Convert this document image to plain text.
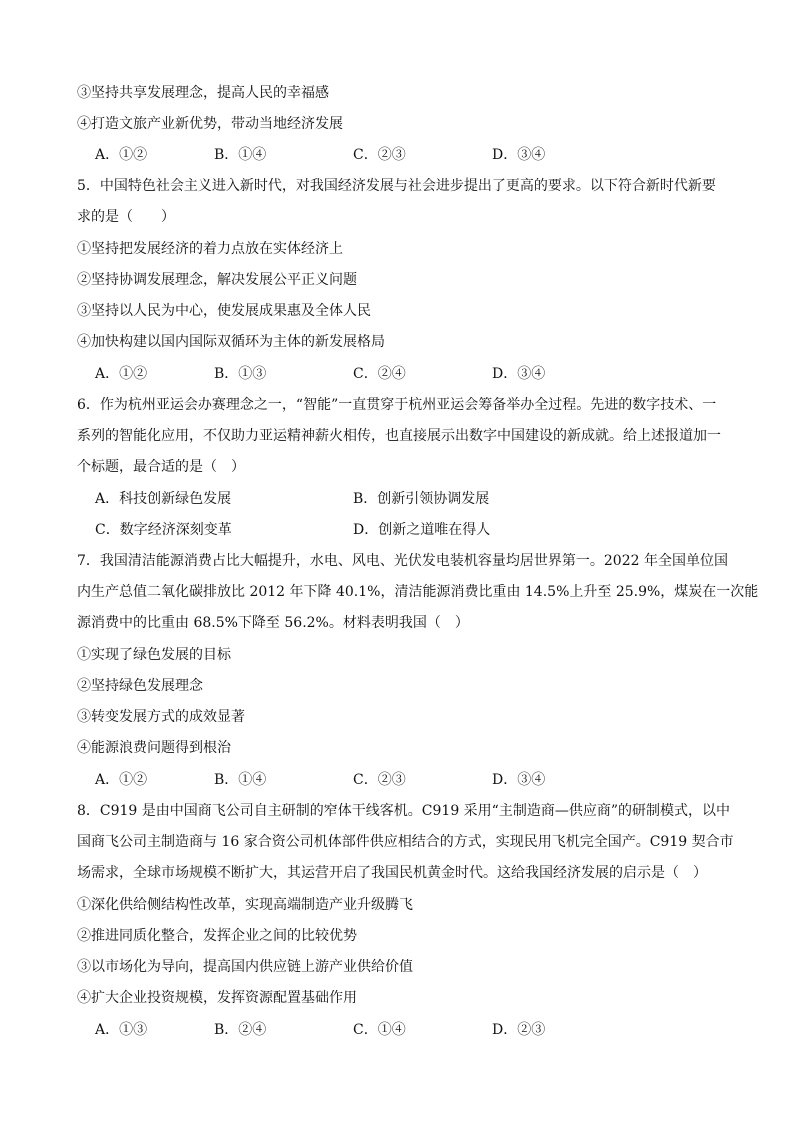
③坚持共享发展理念，提高人民的幸福感
④打造文旅产业新优势，带动当地经济发展
A．①②	B．①④	C．②③	D．③④
5．中国特色社会主义进入新时代，对我国经济发展与社会进步提出了更高的要求。以下符合新时代新要
求的是（　　）
①坚持把发展经济的着力点放在实体经济上
②坚持协调发展理念，解决发展公平正义问题
③坚持以人民为中心，使发展成果惠及全体人民
④加快构建以国内国际双循环为主体的新发展格局
A．①②	B．①③	C．②④	D．③④
6．作为杭州亚运会办赛理念之一，“智能”一直贯穿于杭州亚运会筹备举办全过程。先进的数字技术、一
系列的智能化应用，不仅助力亚运精神薪火相传，也直接展示出数字中国建设的新成就。给上述报道加一
个标题，最合适的是（　）
A．科技创新绿色发展	B．创新引领协调发展
C．数字经济深刻变革	D．创新之道唯在得人
7．我国清洁能源消费占比大幅提升，水电、风电、光伏发电装机容量均居世界第一。2022 年全国单位国
内生产总值二氧化碳排放比 2012 年下降 40.1%，清洁能源消费比重由 14.5%上升至 25.9%，煤炭在一次能
源消费中的比重由 68.5%下降至 56.2%。材料表明我国（　）
①实现了绿色发展的目标
②坚持绿色发展理念
③转变发展方式的成效显著
④能源浪费问题得到根治
A．①②	B．①④	C．②③	D．③④
8．C919 是由中国商飞公司自主研制的窄体干线客机。C919 采用“主制造商—供应商”的研制模式，以中
国商飞公司主制造商与 16 家合资公司机体部件供应相结合的方式，实现民用飞机完全国产。C919 契合市
场需求，全球市场规模不断扩大，其运营开启了我国民机黄金时代。这给我国经济发展的启示是（　）
①深化供给侧结构性改革，实现高端制造产业升级腾飞
②推进同质化整合，发挥企业之间的比较优势
③以市场化为导向，提高国内供应链上游产业供给价值
④扩大企业投资规模，发挥资源配置基础作用
A．①③	B．②④	C．①④	D．②③
